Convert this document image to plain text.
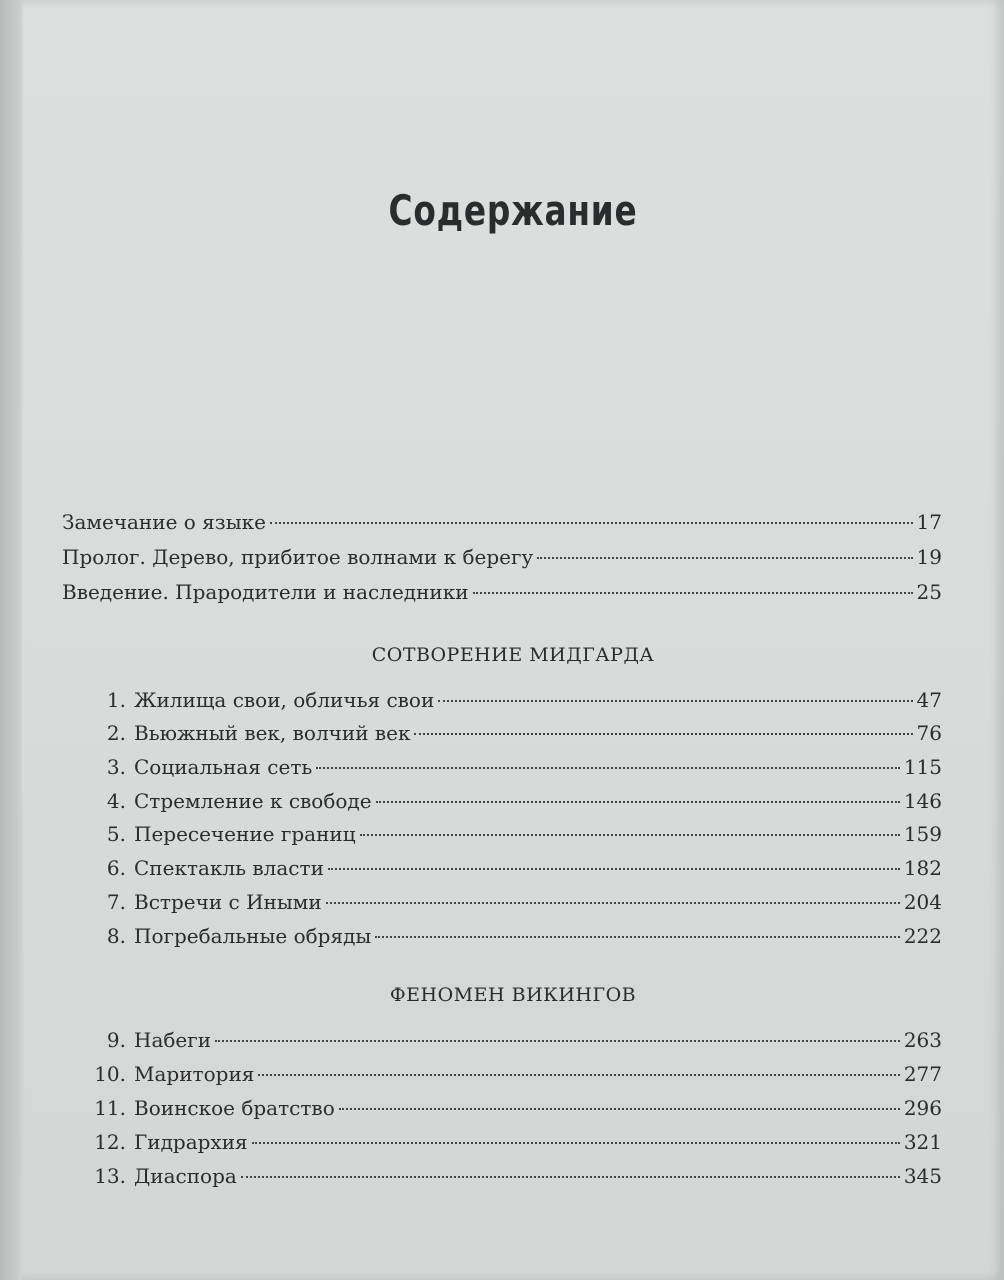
Содержание
Замечание о языке	17
Пролог. Дерево, прибитое волнами к берегу	19
Введение. Прародители и наследники	25
СОТВОРЕНИЕ МИДГАРДА
1. Жилища свои, обличья свои	47
2. Вьюжный век, волчий век	76
3. Социальная сеть	115
4. Стремление к свободе	146
5. Пересечение границ	159
6. Спектакль власти	182
7. Встречи с Иными	204
8. Погребальные обряды	222
ФЕНОМЕН ВИКИНГОВ
9. Набеги	263
10. Маритория	277
11. Воинское братство	296
12. Гидрархия	321
13. Диаспора	345
